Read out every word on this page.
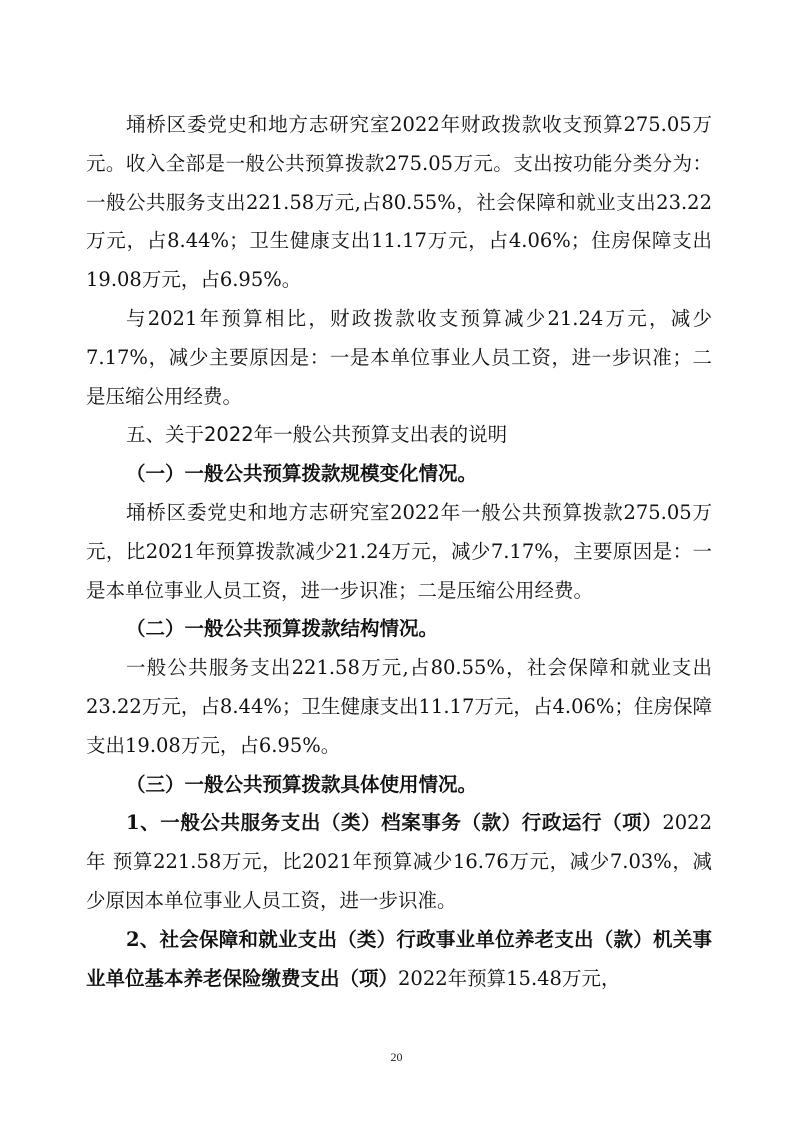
埇桥区委党史和地方志研究室2022年财政拨款收支预算275.05万元。收入全部是一般公共预算拨款275.05万元。支出按功能分类分为：一般公共服务支出221.58万元,占80.55%，社会保障和就业支出23.22万元，占8.44%；卫生健康支出11.17万元，占4.06%；住房保障支出19.08万元，占6.95%。

与2021年预算相比，财政拨款收支预算减少21.24万元，减少7.17%，减少主要原因是：一是本单位事业人员工资，进一步识准；二是压缩公用经费。

五、关于2022年一般公共预算支出表的说明

（一）一般公共预算拨款规模变化情况。

埇桥区委党史和地方志研究室2022年一般公共预算拨款275.05万元，比2021年预算拨款减少21.24万元，减少7.17%，主要原因是：一是本单位事业人员工资，进一步识准；二是压缩公用经费。

（二）一般公共预算拨款结构情况。

一般公共服务支出221.58万元,占80.55%，社会保障和就业支出23.22万元，占8.44%；卫生健康支出11.17万元，占4.06%；住房保障支出19.08万元，占6.95%。

（三）一般公共预算拨款具体使用情况。

1、一般公共服务支出（类）档案事务（款）行政运行（项）2022年 预算221.58万元，比2021年预算减少16.76万元，减少7.03%，减少原因本单位事业人员工资，进一步识准。

2、社会保障和就业支出（类）行政事业单位养老支出（款）机关事业单位基本养老保险缴费支出（项）2022年预算15.48万元，

20
